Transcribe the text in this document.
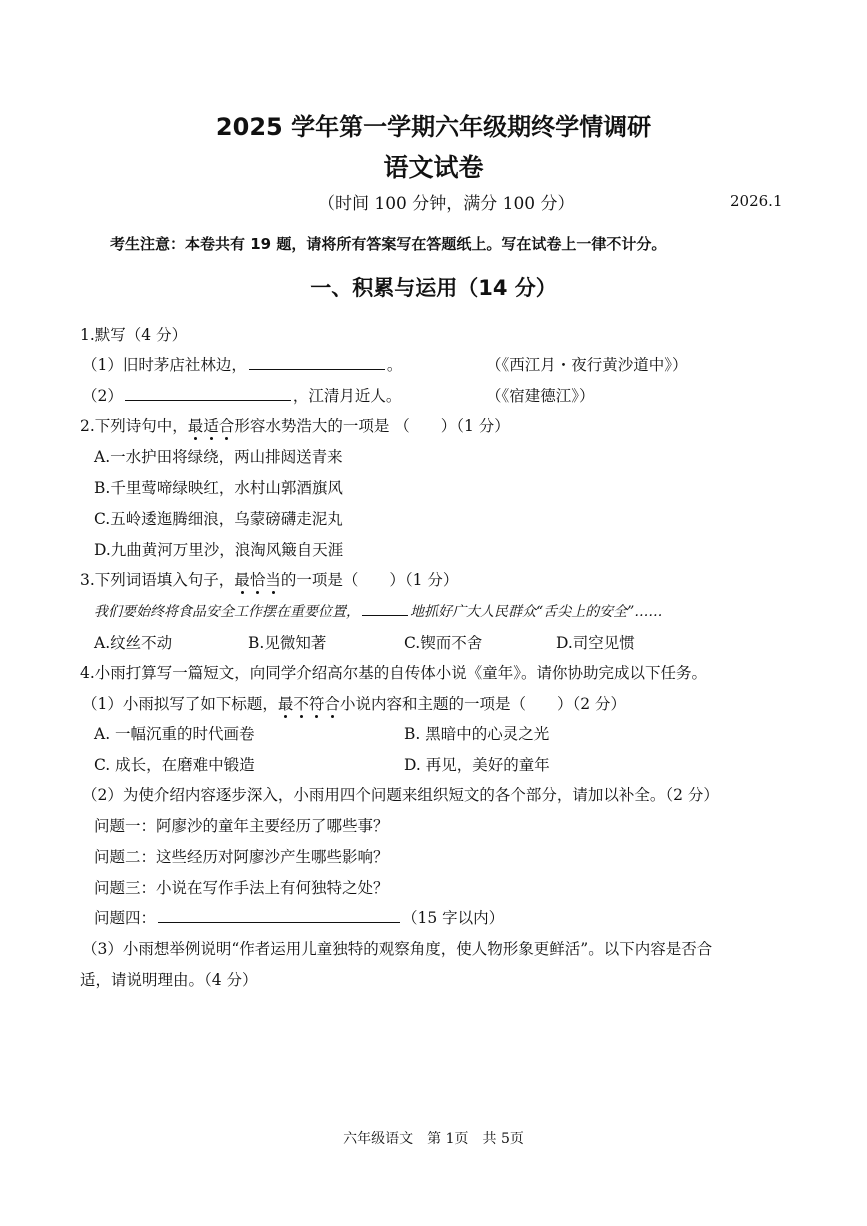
2025 学年第一学期六年级期终学情调研
语文试卷
（时间 100 分钟，满分 100 分）	2026.1
考生注意：本卷共有 19 题，请将所有答案写在答题纸上。写在试卷上一律不计分。
一、积累与运用（14 分）
1.默写（4 分）
（1）旧时茅店社林边，	。	（《西江月・夜行黄沙道中》）
（2）	，江清月近人。	（《宿建德江》）
2.下列诗句中，最适合形容水势浩大的一项是 （　　）（1 分）
A.一水护田将绿绕，两山排闼送青来
B.千里莺啼绿映红，水村山郭酒旗风
C.五岭逶迤腾细浪，乌蒙磅礴走泥丸
D.九曲黄河万里沙，浪淘风簸自天涯
3.下列词语填入句子，最恰当的一项是（　　）（1 分）
我们要始终将食品安全工作摆在重要位置，	地抓好广大人民群众“舌尖上的安全”……
A.纹丝不动	B.见微知著	C.锲而不舍	D.司空见惯
4.小雨打算写一篇短文，向同学介绍高尔基的自传体小说《童年》。请你协助完成以下任务。
（1）小雨拟写了如下标题，最不符合小说内容和主题的一项是（　　）（2 分）
A. 一幅沉重的时代画卷	B. 黑暗中的心灵之光
C. 成长，在磨难中锻造	D. 再见，美好的童年
（2）为使介绍内容逐步深入，小雨用四个问题来组织短文的各个部分，请加以补全。（2 分）
问题一：阿廖沙的童年主要经历了哪些事？
问题二：这些经历对阿廖沙产生哪些影响？
问题三：小说在写作手法上有何独特之处？
问题四：	（15 字以内）
（3）小雨想举例说明“作者运用儿童独特的观察角度，使人物形象更鲜活”。以下内容是否合
适，请说明理由。（4 分）
六年级语文　第 1页　共 5页
